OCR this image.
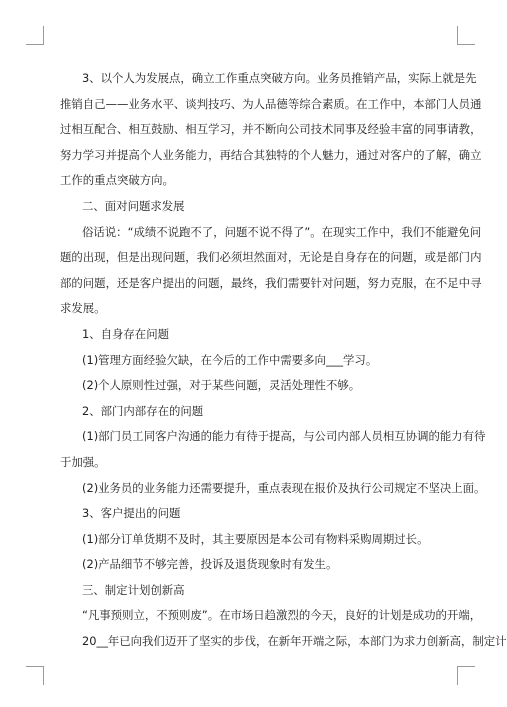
3、以个人为发展点，确立工作重点突破方向。业务员推销产品，实际上就是先

推销自己——业务水平、谈判技巧、为人品德等综合素质。在工作中，本部门人员通

过相互配合、相互鼓励、相互学习，并不断向公司技术同事及经验丰富的同事请教，

努力学习并提高个人业务能力，再结合其独特的个人魅力，通过对客户的了解，确立

工作的重点突破方向。

二、面对问题求发展

俗话说：“成绩不说跑不了，问题不说不得了”。在现实工作中，我们不能避免问

题的出现，但是出现问题，我们必须坦然面对，无论是自身存在的问题，或是部门内

部的问题，还是客户提出的问题，最终，我们需要针对问题，努力克服，在不足中寻

求发展。

1、自身存在问题

(1)管理方面经验欠缺，在今后的工作中需要多向___学习。

(2)个人原则性过强，对于某些问题，灵活处理性不够。

2、部门内部存在的问题

(1)部门员工同客户沟通的能力有待于提高，与公司内部人员相互协调的能力有待

于加强。

(2)业务员的业务能力还需要提升，重点表现在报价及执行公司规定不坚决上面。

3、客户提出的问题

(1)部分订单货期不及时，其主要原因是本公司有物料采购周期过长。

(2)产品细节不够完善，投诉及退货现象时有发生。

三、制定计划创新高

“凡事预则立，不预则废”。在市场日趋激烈的今天，良好的计划是成功的开端，

20__年已向我们迈开了坚实的步伐，在新年开端之际，本部门为求力创新高，制定计
